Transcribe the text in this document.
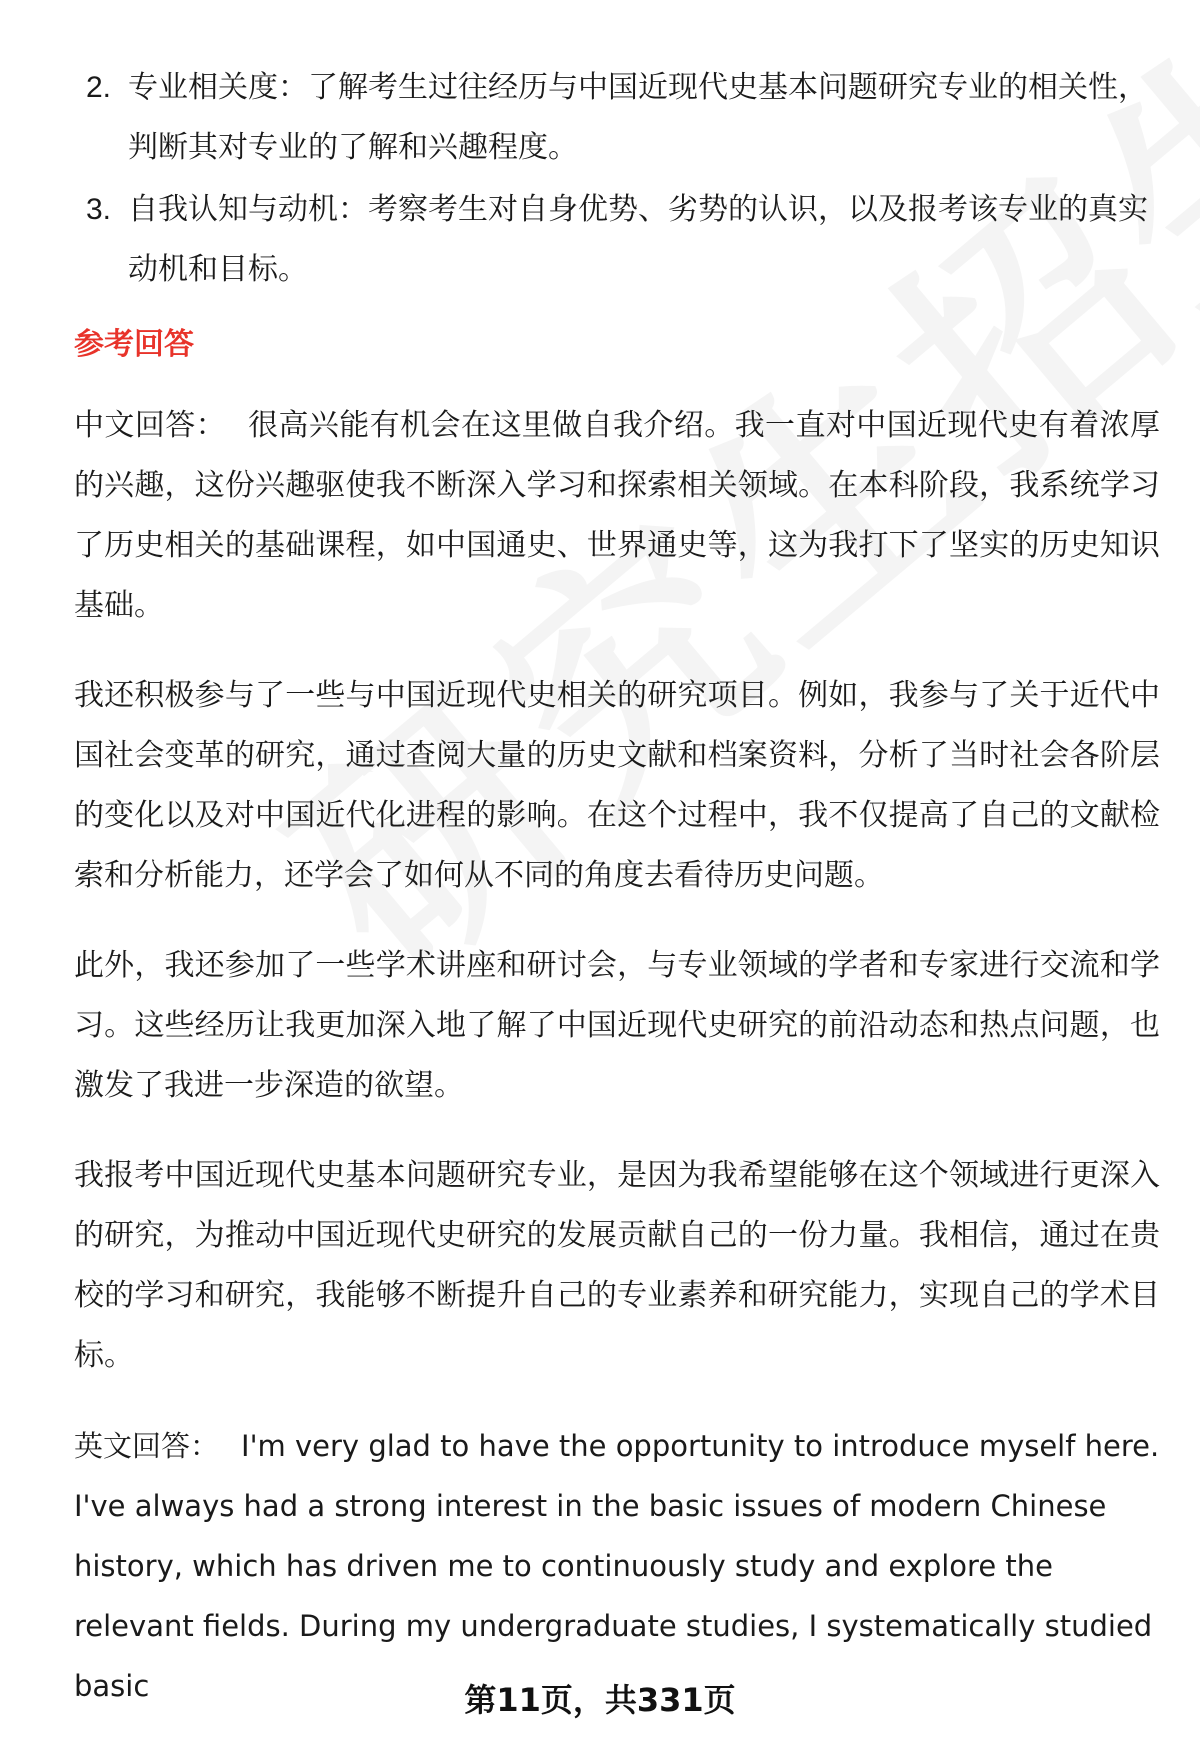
2. 专业相关度：了解考生过往经历与中国近现代史基本问题研究专业的相关性，判断其对专业的了解和兴趣程度。
3. 自我认知与动机：考察考生对自身优势、劣势的认识，以及报考该专业的真实动机和目标。
参考回答

中文回答： 很高兴能有机会在这里做自我介绍。我一直对中国近现代史有着浓厚的兴趣，这份兴趣驱使我不断深入学习和探索相关领域。在本科阶段，我系统学习了历史相关的基础课程，如中国通史、世界通史等，这为我打下了坚实的历史知识基础。

我还积极参与了一些与中国近现代史相关的研究项目。例如，我参与了关于近代中国社会变革的研究，通过查阅大量的历史文献和档案资料，分析了当时社会各阶层的变化以及对中国近代化进程的影响。在这个过程中，我不仅提高了自己的文献检索和分析能力，还学会了如何从不同的角度去看待历史问题。

此外，我还参加了一些学术讲座和研讨会，与专业领域的学者和专家进行交流和学习。这些经历让我更加深入地了解了中国近现代史研究的前沿动态和热点问题，也激发了我进一步深造的欲望。

我报考中国近现代史基本问题研究专业，是因为我希望能够在这个领域进行更深入的研究，为推动中国近现代史研究的发展贡献自己的一份力量。我相信，通过在贵校的学习和研究，我能够不断提升自己的专业素养和研究能力，实现自己的学术目标。

英文回答： I'm very glad to have the opportunity to introduce myself here. I've always had a strong interest in the basic issues of modern Chinese history, which has driven me to continuously study and explore the relevant fields. During my undergraduate studies, I systematically studied basic	第11页，共331页
